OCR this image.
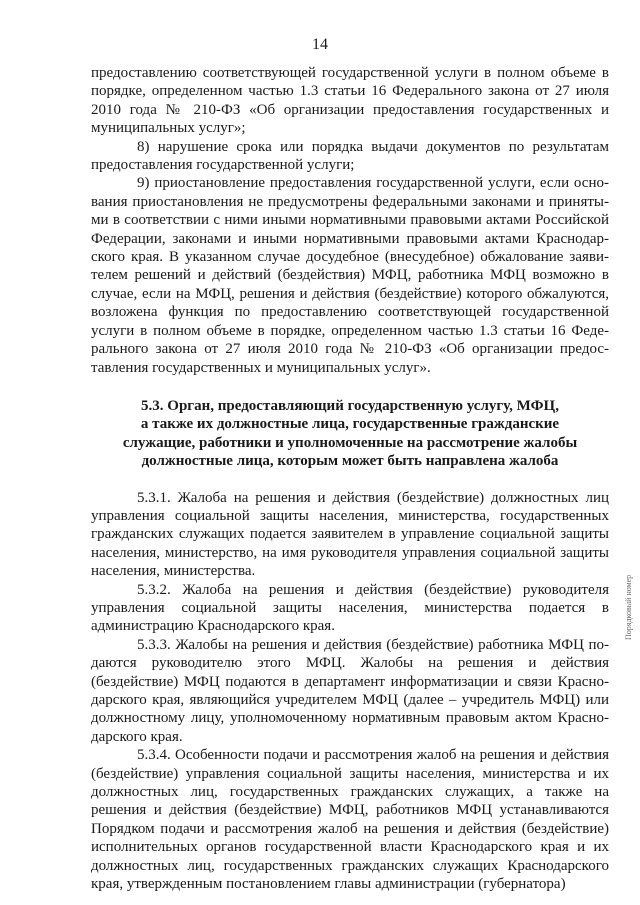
14

предоставлению соответствующей государственной услуги в полном объеме в порядке, определенном частью 1.3 статьи 16 Федерального закона от 27 июля 2010 года № 210-ФЗ «Об организации предоставления государственных и муниципальных услуг»;

8) нарушение срока или порядка выдачи документов по результатам предоставления государственной услуги;

9) приостановление предоставления государственной услуги, если основания приостановления не предусмотрены федеральными законами и принятыми в соответствии с ними иными нормативными правовыми актами Российской Федерации, законами и иными нормативными правовыми актами Краснодарского края. В указанном случае досудебное (внесудебное) обжалование заявителем решений и действий (бездействия) МФЦ, работника МФЦ возможно в случае, если на МФЦ, решения и действия (бездействие) которого обжалуются, возложена функция по предоставлению соответствующей государственной услуги в полном объеме в порядке, определенном частью 1.3 статьи 16 Федерального закона от 27 июля 2010 года № 210-ФЗ «Об организации предоставления государственных и муниципальных услуг».

5.3. Орган, предоставляющий государственную услугу, МФЦ,
а также их должностные лица, государственные гражданские
служащие, работники и уполномоченные на рассмотрение жалобы
должностные лица, которым может быть направлена жалоба

5.3.1. Жалоба на решения и действия (бездействие) должностных лиц управления социальной защиты населения, министерства, государственных гражданских служащих подается заявителем в управление социальной защиты населения, министерство, на имя руководителя управления социальной защиты населения, министерства.

5.3.2. Жалоба на решения и действия (бездействие) руководителя управления социальной защиты населения, министерства подается в администрацию Краснодарского края.

5.3.3. Жалобы на решения и действия (бездействие) работника МФЦ подаются руководителю этого МФЦ. Жалобы на решения и действия (бездействие) МФЦ подаются в департамент информатизации и связи Краснодарского края, являющийся учредителем МФЦ (далее – учредитель МФЦ) или должностному лицу, уполномоченному нормативным правовым актом Краснодарского края.

5.3.4. Особенности подачи и рассмотрения жалоб на решения и действия (бездействие) управления социальной защиты населения, министерства и их должностных лиц, государственных гражданских служащих, а также на решения и действия (бездействие) МФЦ, работников МФЦ устанавливаются Порядком подачи и рассмотрения жалоб на решения и действия (бездействие) исполнительных органов государственной власти Краснодарского края и их должностных лиц, государственных гражданских служащих Краснодарского края, утвержденным постановлением главы администрации (губернатора)

Порядковый номер
